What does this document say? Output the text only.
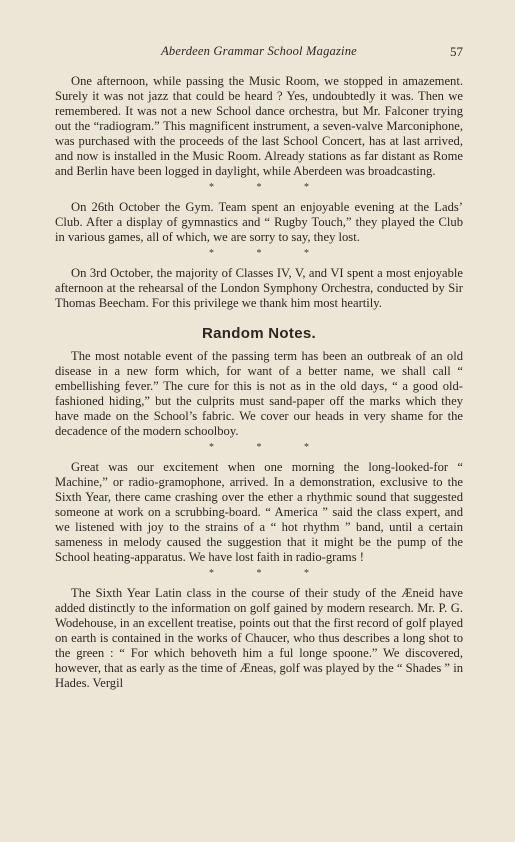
Aberdeen Grammar School Magazine	57

One afternoon, while passing the Music Room, we stopped in amazement. Surely it was not jazz that could be heard ? Yes, undoubtedly it was. Then we remembered. It was not a new School dance orchestra, but Mr. Falconer trying out the “radiogram.” This magnificent instrument, a seven-valve Marconiphone, was purchased with the proceeds of the last School Concert, has at last arrived, and now is installed in the Music Room. Already stations as far distant as Rome and Berlin have been logged in daylight, while Aberdeen was broadcasting.

* * *

On 26th October the Gym. Team spent an enjoyable evening at the Lads’ Club. After a display of gymnastics and “ Rugby Touch,” they played the Club in various games, all of which, we are sorry to say, they lost.

* * *

On 3rd October, the majority of Classes IV, V, and VI spent a most enjoyable afternoon at the rehearsal of the London Symphony Orchestra, conducted by Sir Thomas Beecham. For this privilege we thank him most heartily.

Random Notes.

The most notable event of the passing term has been an outbreak of an old disease in a new form which, for want of a better name, we shall call “ embellishing fever.” The cure for this is not as in the old days, “ a good old-fashioned hiding,” but the culprits must sand-paper off the marks which they have made on the School’s fabric. We cover our heads in very shame for the decadence of the modern schoolboy.

* * *

Great was our excitement when one morning the long-looked-for “ Machine,” or radio-gramophone, arrived. In a demonstration, exclusive to the Sixth Year, there came crashing over the ether a rhythmic sound that suggested someone at work on a scrubbing-board. “ America ” said the class expert, and we listened with joy to the strains of a “ hot rhythm ” band, until a certain sameness in melody caused the suggestion that it might be the pump of the School heating-apparatus. We have lost faith in radio-grams !

* * *

The Sixth Year Latin class in the course of their study of the Æneid have added distinctly to the information on golf gained by modern research. Mr. P. G. Wodehouse, in an excellent treatise, points out that the first record of golf played on earth is contained in the works of Chaucer, who thus describes a long shot to the green : “ For which behoveth him a ful longe spoone.” We discovered, however, that as early as the time of Æneas, golf was played by the “ Shades ” in Hades. Vergil
